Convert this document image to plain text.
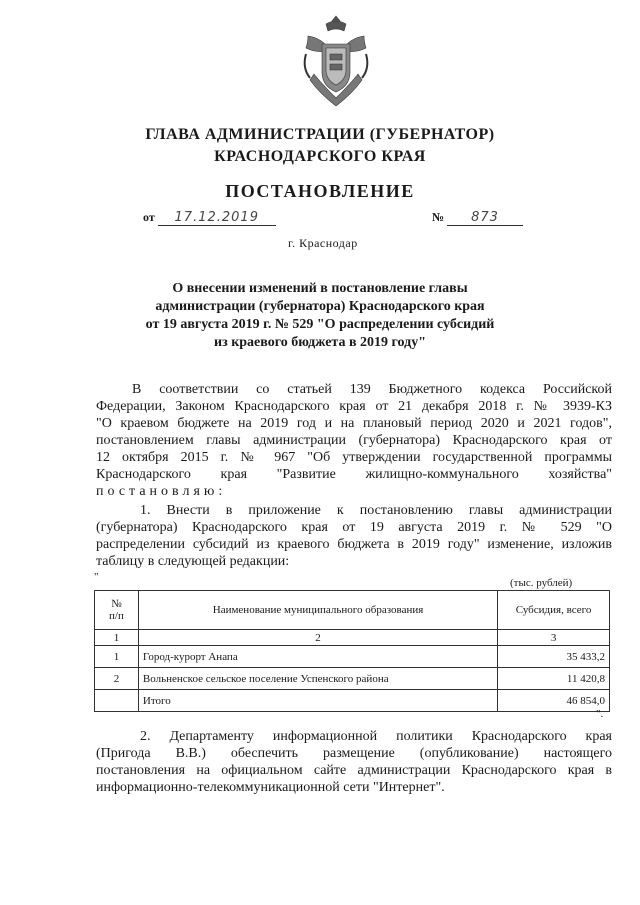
ГЛАВА АДМИНИСТРАЦИИ (ГУБЕРНАТОР)
КРАСНОДАРСКОГО КРАЯ
ПОСТАНОВЛЕНИЕ
от 17.12.2019	№ 873
г. Краснодар
О внесении изменений в постановление главы
администрации (губернатора) Краснодарского края
от 19 августа 2019 г. № 529 "О распределении субсидий
из краевого бюджета в 2019 году"
В соответствии со статьей 139 Бюджетного кодекса Российской
Федерации, Законом Краснодарского края от 21 декабря 2018 г. № 3939-КЗ
"О краевом бюджете на 2019 год и на плановый период 2020 и 2021 годов",
постановлением главы администрации (губернатора) Краснодарского края от
12 октября 2015 г. № 967 "Об утверждении государственной программы
Краснодарского края "Развитие жилищно-коммунального хозяйства"
постановляю:
1. Внести в приложение к постановлению главы администрации
(губернатора) Краснодарского края от 19 августа 2019 г. № 529 "О
распределении субсидий из краевого бюджета в 2019 году" изменение, изложив
таблицу в следующей редакции:
"	(тыс. рублей)
№
п/п	Наименование муниципального образования	Субсидия, всего
1	2	3
1	Город-курорт Анапа	35 433,2
2	Вольненское сельское поселение Успенского района	11 420,8
	Итого	46 854,0
".
2. Департаменту информационной политики Краснодарского края
(Пригода В.В.) обеспечить размещение (опубликование) настоящего
постановления на официальном сайте администрации Краснодарского края в
информационно-телекоммуникационной сети "Интернет".
